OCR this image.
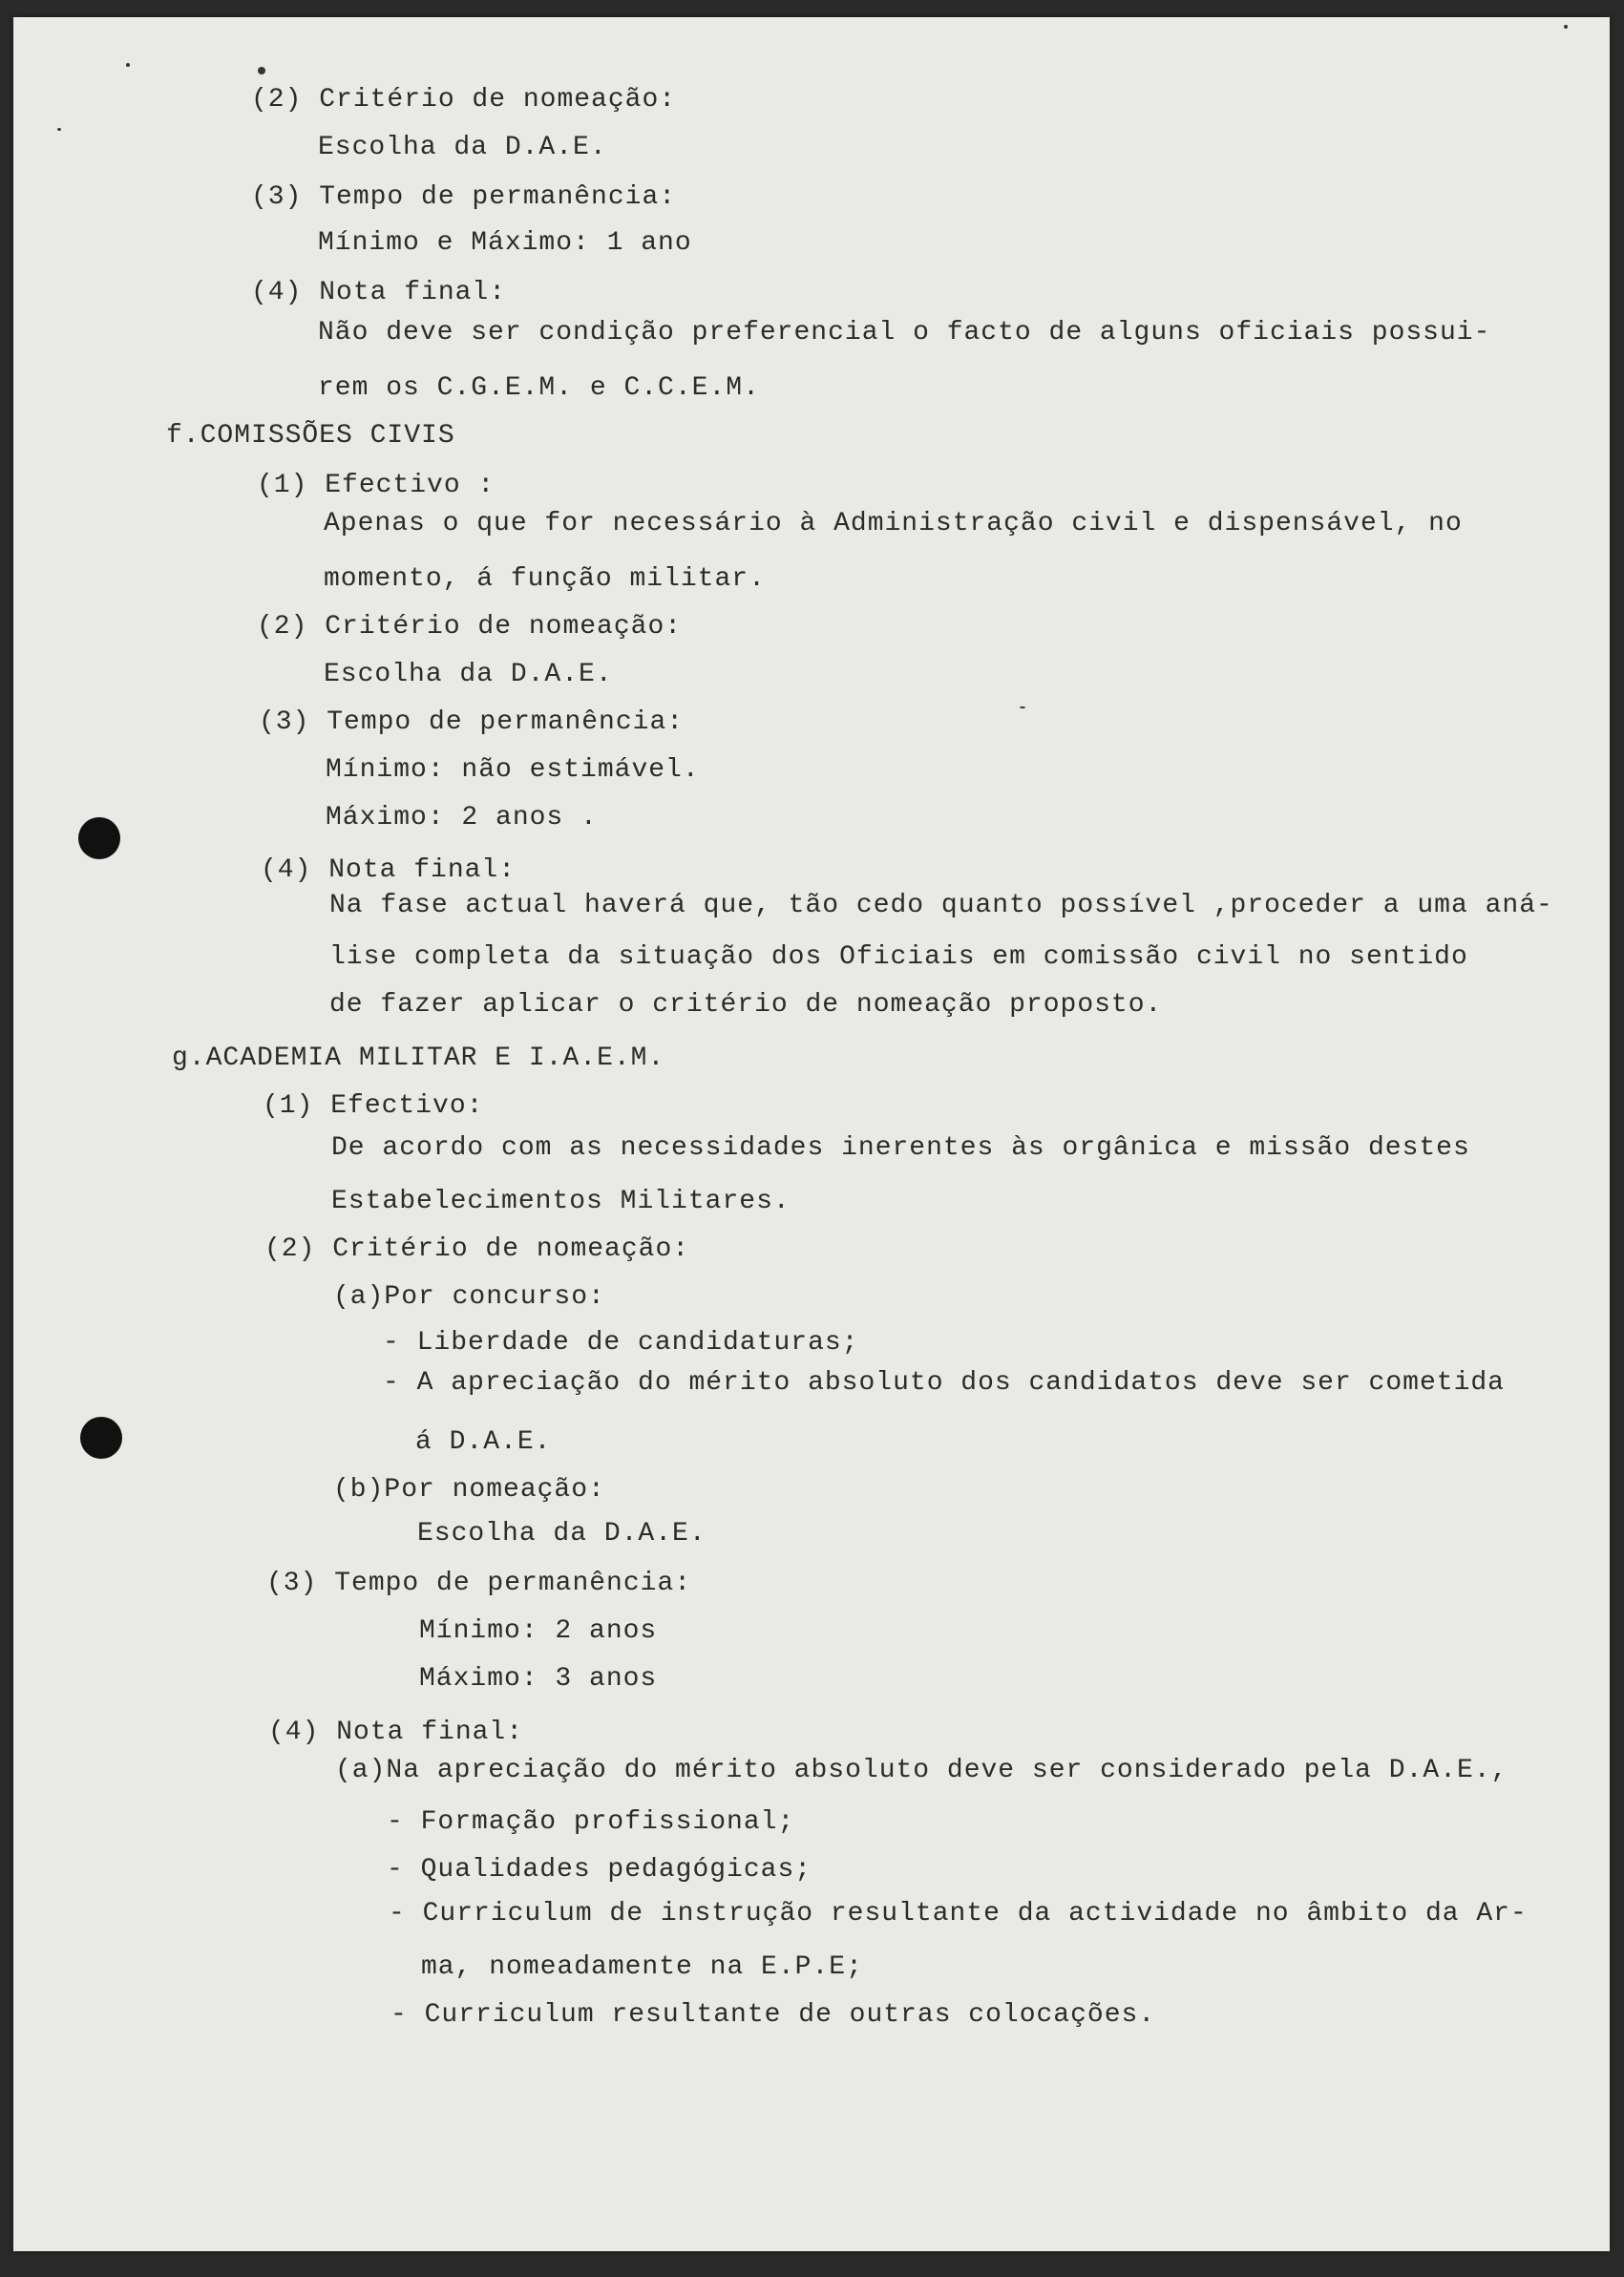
(2) Critério de nomeação:
Escolha da D.A.E.
(3) Tempo de permanência:
Mínimo e Máximo: 1 ano
(4) Nota final:
Não deve ser condição preferencial o facto de alguns oficiais possui-
rem os C.G.E.M. e C.C.E.M.
f.COMISSÕES CIVIS
(1) Efectivo :
Apenas o que for necessário à Administração civil e dispensável, no
momento, á função militar.
(2) Critério de nomeação:
Escolha da D.A.E.
(3) Tempo de permanência:
Mínimo: não estimável.
Máximo: 2 anos .
(4) Nota final:
Na fase actual haverá que, tão cedo quanto possível ,proceder a uma aná-
lise completa da situação dos Oficiais em comissão civil no sentido
de fazer aplicar o critério de nomeação proposto.
g.ACADEMIA MILITAR E I.A.E.M.
(1) Efectivo:
De acordo com as necessidades inerentes às orgânica e missão destes
Estabelecimentos Militares.
(2) Critério de nomeação:
(a)Por concurso:
- Liberdade de candidaturas;
- A apreciação do mérito absoluto dos candidatos deve ser cometida
á D.A.E.
(b)Por nomeação:
Escolha da D.A.E.
(3) Tempo de permanência:
Mínimo: 2 anos
Máximo: 3 anos
(4) Nota final:
(a)Na apreciação do mérito absoluto deve ser considerado pela D.A.E.,
- Formação profissional;
- Qualidades pedagógicas;
- Curriculum de instrução resultante da actividade no âmbito da Ar-
ma, nomeadamente na E.P.E;
- Curriculum resultante de outras colocações.
